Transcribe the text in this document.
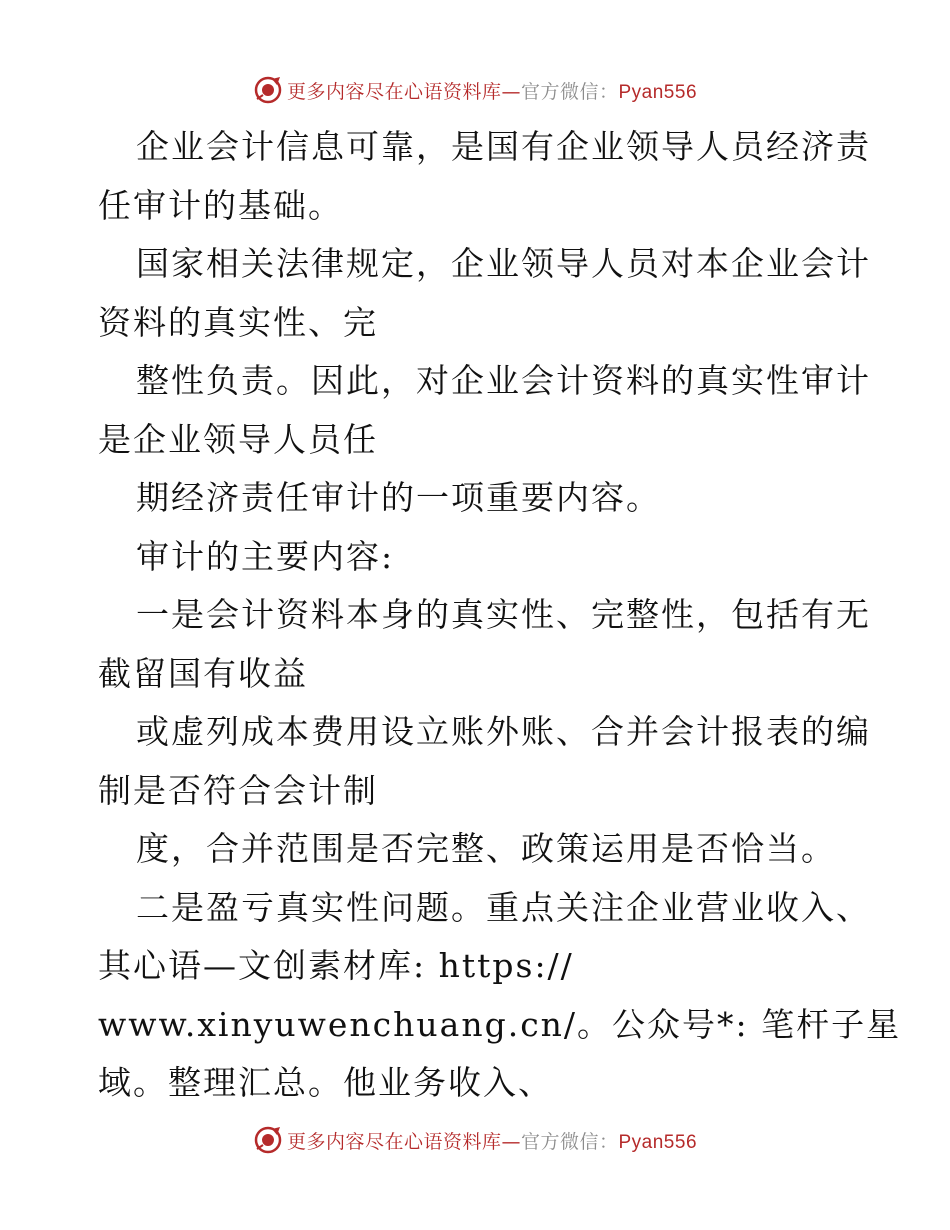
更多内容尽在心语资料库—官方微信：Pyan556
企业会计信息可靠，是国有企业领导人员经济责
任审计的基础。
国家相关法律规定，企业领导人员对本企业会计
资料的真实性、完
整性负责。因此，对企业会计资料的真实性审计
是企业领导人员任
期经济责任审计的一项重要内容。
审计的主要内容:
一是会计资料本身的真实性、完整性，包括有无
截留国有收益
或虚列成本费用设立账外账、合并会计报表的编
制是否符合会计制
度，合并范围是否完整、政策运用是否恰当。
二是盈亏真实性问题。重点关注企业营业收入、
其心语—文创素材库: https://
www.xinyuwenchuang.cn/。公众号*: 笔杆子星
域。整理汇总。他业务收入、
更多内容尽在心语资料库—官方微信：Pyan556
